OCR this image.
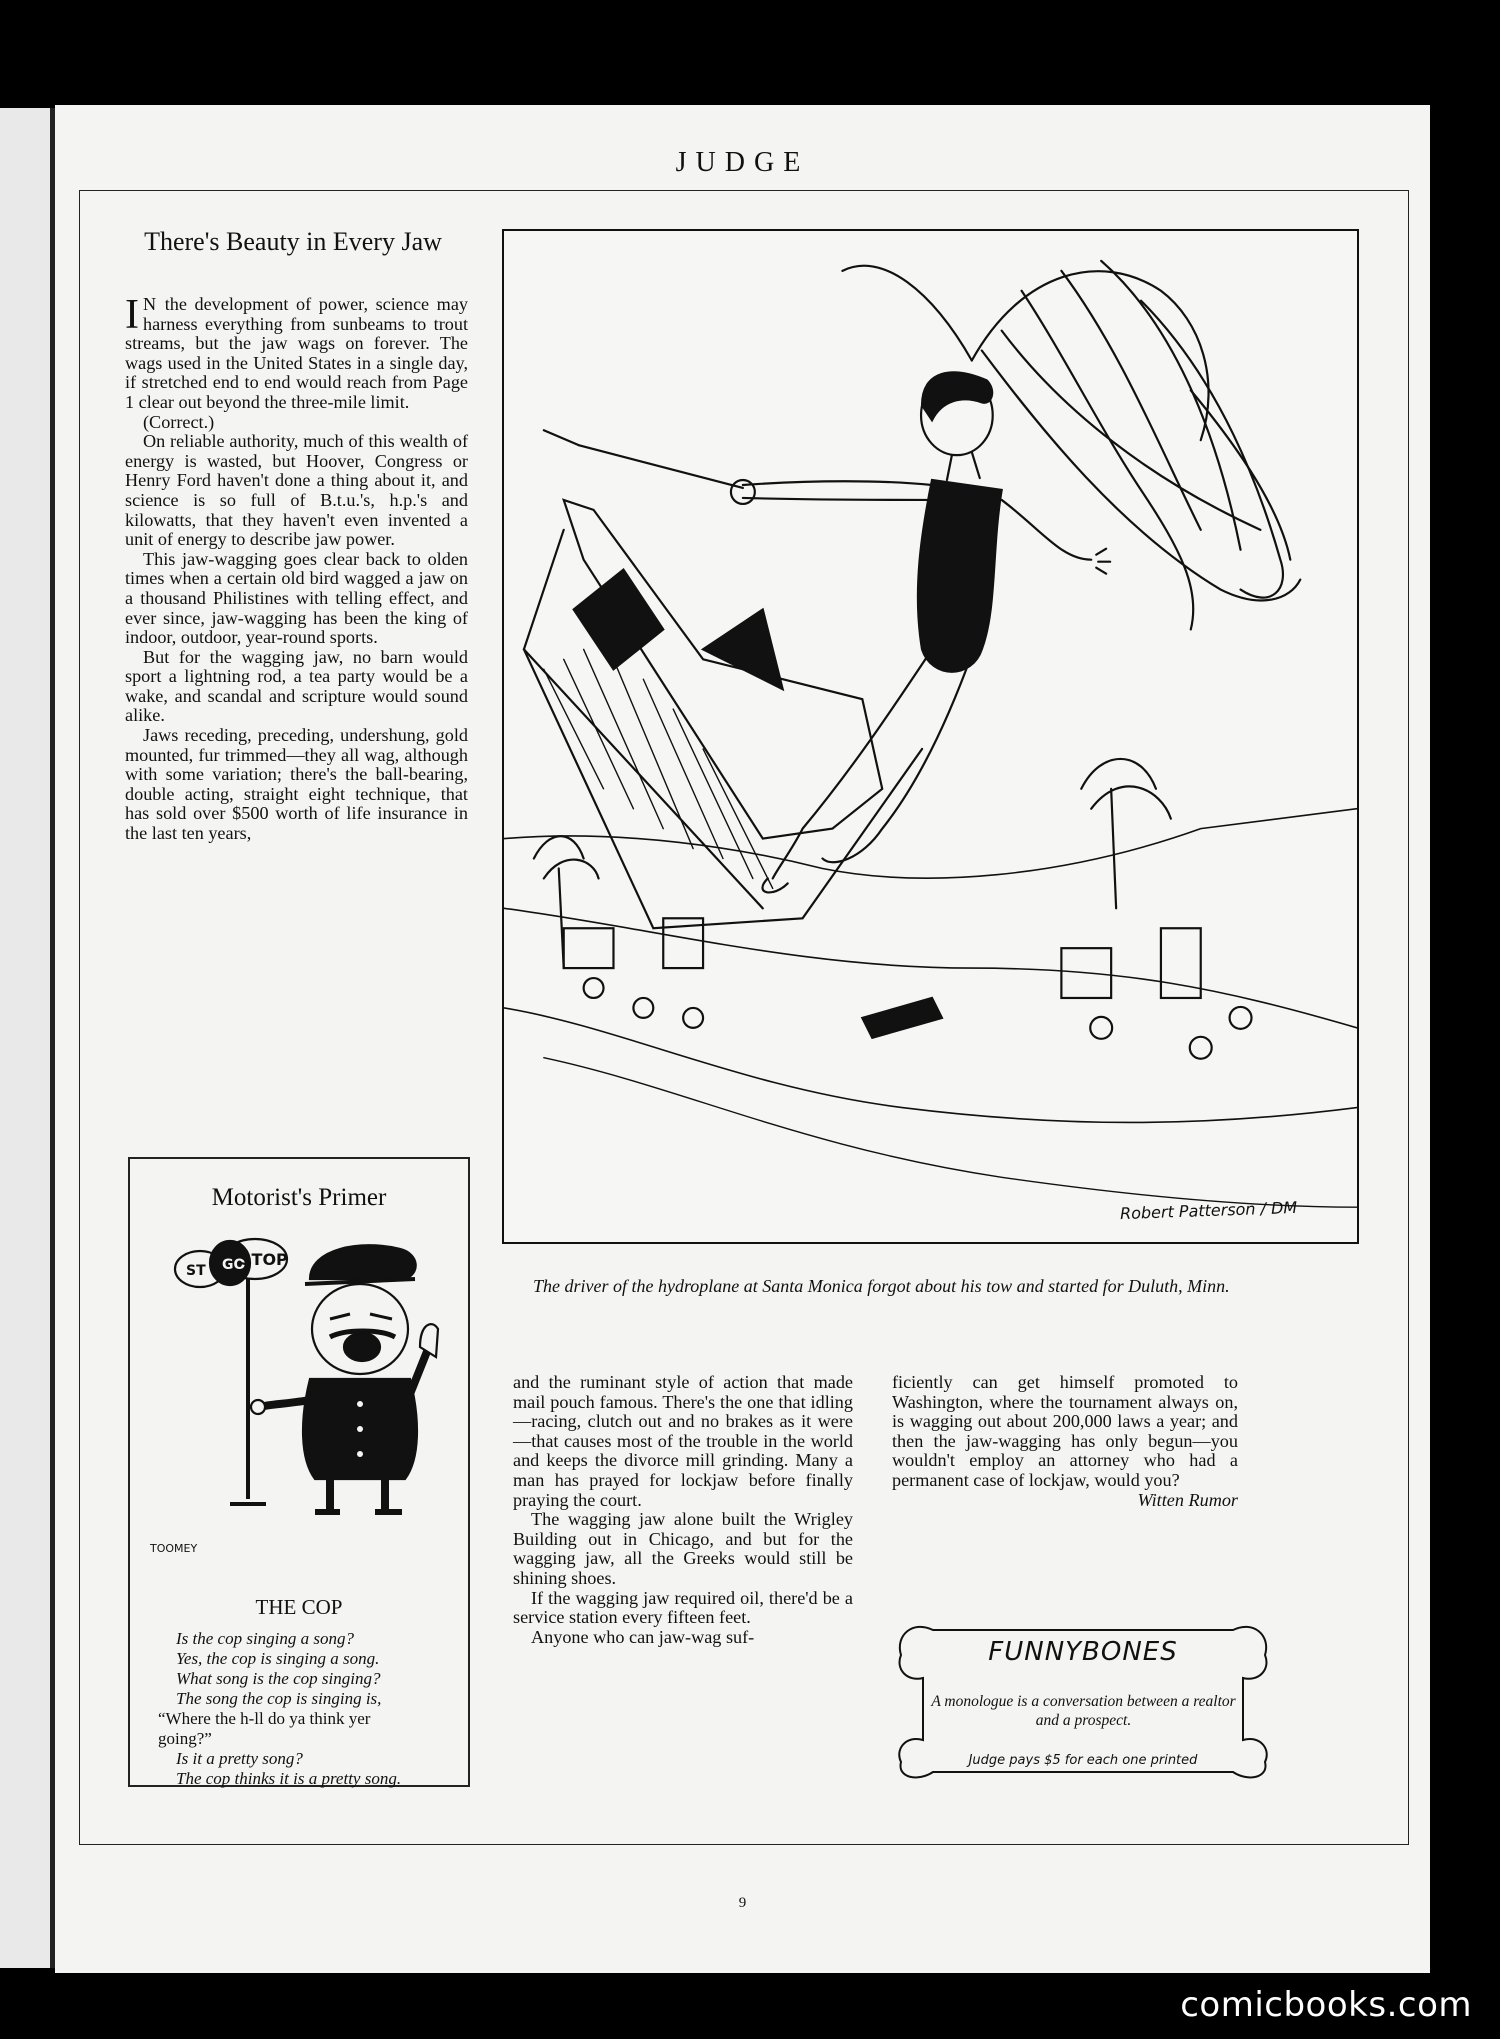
JUDGE
There's Beauty in Every Jaw

I N the development of power, science may harness everything from sunbeams to trout streams, but the jaw wags on forever. The wags used in the United States in a single day, if stretched end to end would reach from Page 1 clear out beyond the three-mile limit.

(Correct.)

On reliable authority, much of this wealth of energy is wasted, but Hoover, Congress or Henry Ford haven't done a thing about it, and science is so full of B.t.u.'s, h.p.'s and kilowatts, that they haven't even invented a unit of energy to describe jaw power.

This jaw-wagging goes clear back to olden times when a certain old bird wagged a jaw on a thousand Philistines with telling effect, and ever since, jaw-wagging has been the king of indoor, outdoor, year-round sports.

But for the wagging jaw, no barn would sport a lightning rod, a tea party would be a wake, and scandal and scripture would sound alike.

Jaws receding, preceding, undershung, gold mounted, fur trimmed—they all wag, although with some variation; there's the ball-bearing, double acting, straight eight technique, that has sold over $500 worth of life insurance in the last ten years,

Robert Patterson / DM
The driver of the hydroplane at Santa Monica forgot about his tow and started for Duluth, Minn.

and the ruminant style of action that made mail pouch famous. There's the one that idling—racing, clutch out and no brakes as it were—that causes most of the trouble in the world and keeps the divorce mill grinding. Many a man has prayed for lockjaw before finally praying the court.

The wagging jaw alone built the Wrigley Building out in Chicago, and but for the wagging jaw, all the Greeks would still be shining shoes.

If the wagging jaw required oil, there'd be a service station every fifteen feet.

Anyone who can jaw-wag suf-

ficiently can get himself promoted to Washington, where the tournament always on, is wagging out about 200,000 laws a year; and then the jaw-wagging has only begun—you wouldn't employ an attorney who had a permanent case of lockjaw, would you?

Witten Rumor

Motorist's Primer
ST GO
STOP
TOOMEY
THE COP
Is the cop singing a song?
Yes, the cop is singing a song.
What song is the cop singing?
The song the cop is singing is,
“Where the h-ll do ya think yer
going?”
Is it a pretty song?
The cop thinks it is a pretty song.
FUNNYBONES
A monologue is a conversation between a realtor and a prospect.
Judge pays $5 for each one printed
9
comicbooks.com
